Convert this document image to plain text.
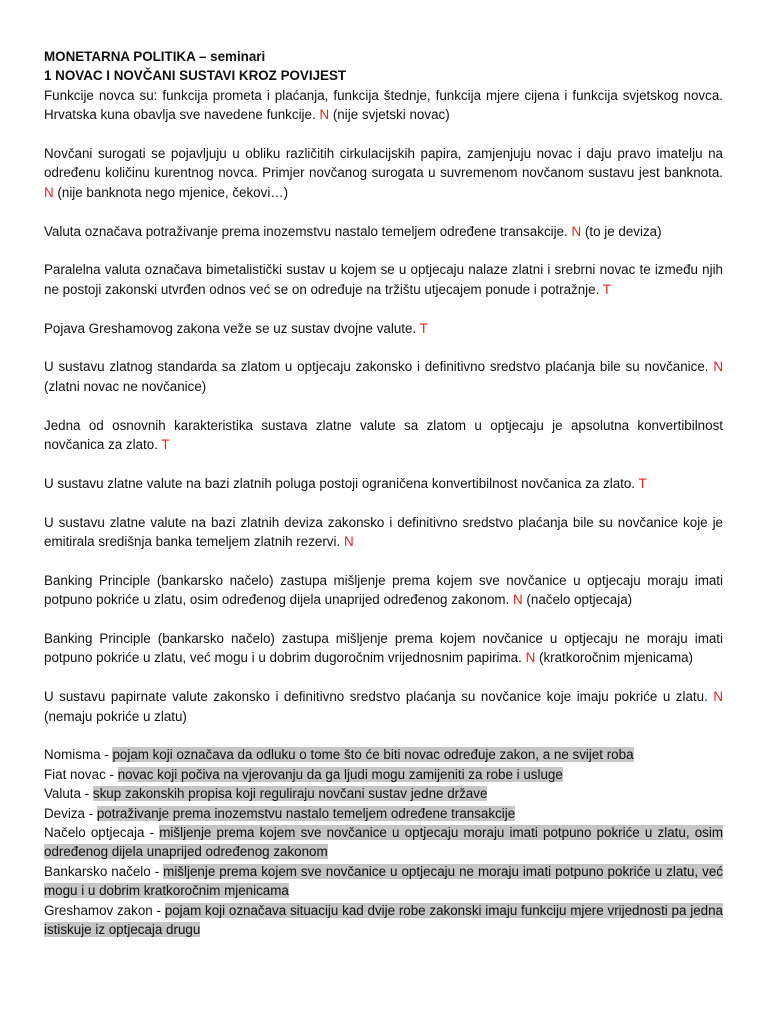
MONETARNA POLITIKA – seminari
1 NOVAC I NOVČANI SUSTAVI KROZ POVIJEST
Funkcije novca su: funkcija prometa i plaćanja, funkcija štednje, funkcija mjere cijena i funkcija svjetskog novca. Hrvatska kuna obavlja sve navedene funkcije. N (nije svjetski novac)
Novčani surogati se pojavljuju u obliku različitih cirkulacijskih papira, zamjenjuju novac i daju pravo imatelju na određenu količinu kurentnog novca. Primjer novčanog surogata u suvremenom novčanom sustavu jest banknota. N (nije banknota nego mjenice, čekovi…)
Valuta označava potraživanje prema inozemstvu nastalo temeljem određene transakcije. N (to je deviza)
Paralelna valuta označava bimetalistički sustav u kojem se u optjecaju nalaze zlatni i srebrni novac te između njih ne postoji zakonski utvrđen odnos već se on određuje na tržištu utjecajem ponude i potražnje. T
Pojava Greshamovog zakona veže se uz sustav dvojne valute. T
U sustavu zlatnog standarda sa zlatom u optjecaju zakonsko i definitivno sredstvo plaćanja bile su novčanice. N (zlatni novac ne novčanice)
Jedna od osnovnih karakteristika sustava zlatne valute sa zlatom u optjecaju je apsolutna konvertibilnost novčanica za zlato. T
U sustavu zlatne valute na bazi zlatnih poluga postoji ograničena konvertibilnost novčanica za zlato. T
U sustavu zlatne valute na bazi zlatnih deviza zakonsko i definitivno sredstvo plaćanja bile su novčanice koje je emitirala središnja banka temeljem zlatnih rezervi. N
Banking Principle (bankarsko načelo) zastupa mišljenje prema kojem sve novčanice u optjecaju moraju imati potpuno pokriće u zlatu, osim određenog dijela unaprijed određenog zakonom. N (načelo optjecaja)
Banking Principle (bankarsko načelo) zastupa mišljenje prema kojem novčanice u optjecaju ne moraju imati potpuno pokriće u zlatu, već mogu i u dobrim dugoročnim vrijednosnim papirima. N (kratkoročnim mjenicama)
U sustavu papirnate valute zakonsko i definitivno sredstvo plaćanja su novčanice koje imaju pokriće u zlatu. N (nemaju pokriće u zlatu)
Nomisma - pojam koji označava da odluku o tome što će biti novac određuje zakon, a ne svijet roba
Fiat novac - novac koji počiva na vjerovanju da ga ljudi mogu zamijeniti za robe i usluge
Valuta - skup zakonskih propisa koji reguliraju novčani sustav jedne države
Deviza - potraživanje prema inozemstvu nastalo temeljem određene transakcije
Načelo optjecaja - mišljenje prema kojem sve novčanice u optjecaju moraju imati potpuno pokriće u zlatu, osim određenog dijela unaprijed određenog zakonom
Bankarsko načelo - mišljenje prema kojem sve novčanice u optjecaju ne moraju imati potpuno pokriće u zlatu, već mogu i u dobrim kratkoročnim mjenicama
Greshamov zakon - pojam koji označava situaciju kad dvije robe zakonski imaju funkciju mjere vrijednosti pa jedna istiskuje iz optjecaja drugu
